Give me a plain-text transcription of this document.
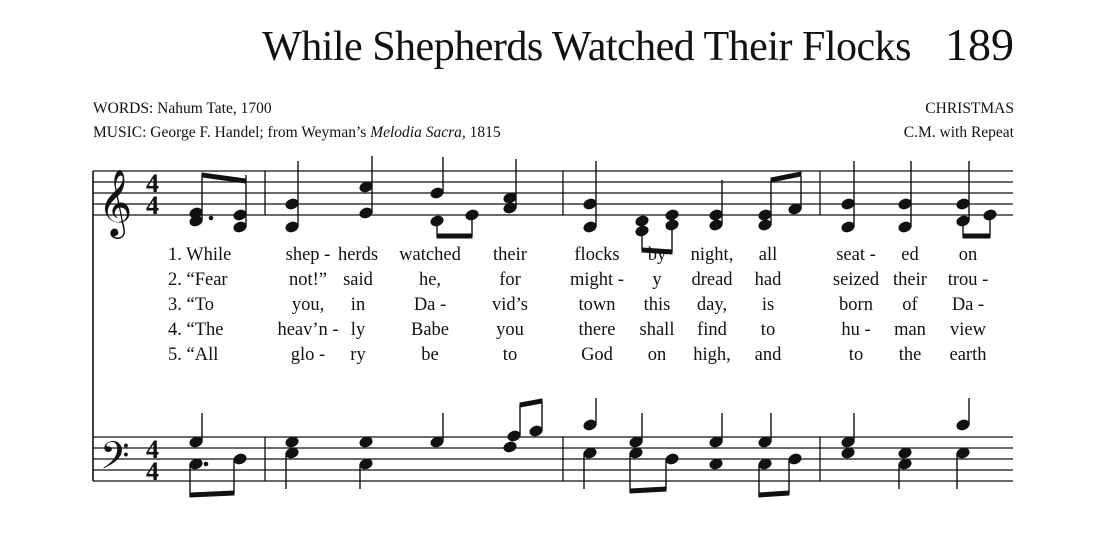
While Shepherds Watched Their Flocks 189
WORDS: Nahum Tate, 1700
MUSIC: George F. Handel; from Weyman’s Melodia Sacra, 1815
CHRISTMAS
C.M. with Repeat
𝄞
𝄢
4
4
4
4
1. While	shep - herds watched their	flocks by night, all	seat - ed on
2. “Fear	not!” said he,	for	might - y dread had	seized their trou -
3. “To	you, in	Da - vid’s	town this day, is	born of Da -
4. “The	heav’n - ly Babe	you	there shall find to	hu - man view
5. “All	glo - ry	be	to	God on high, and	to the earth
